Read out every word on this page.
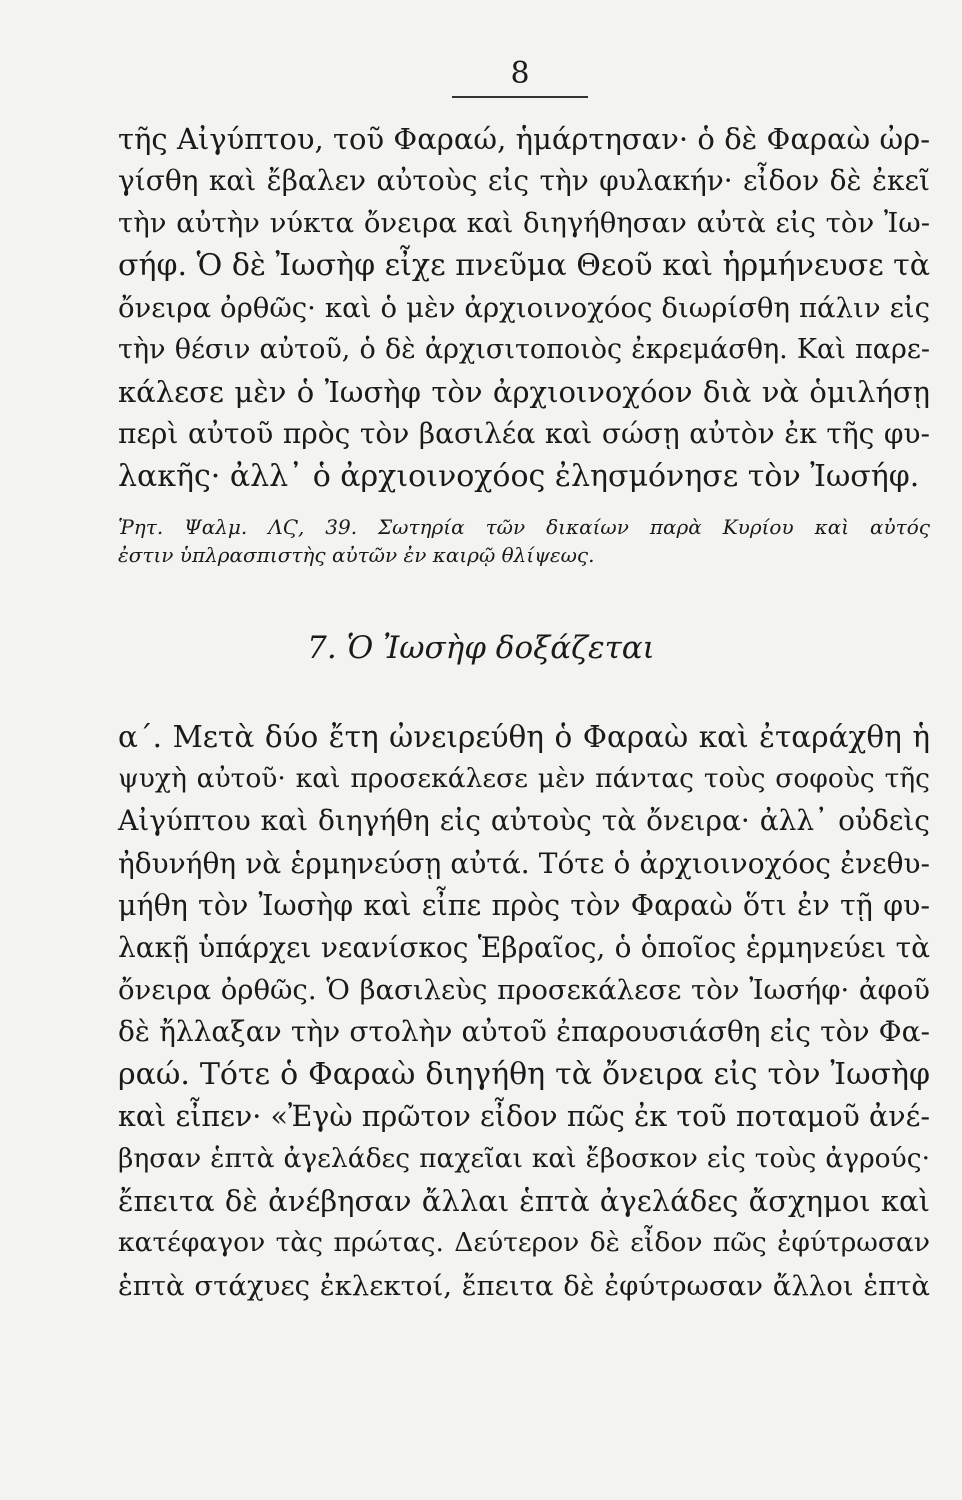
8
τῆς Αἰγύπτου, τοῦ Φαραώ, ἡμάρτησαν· ὁ δὲ Φαραὼ ὠρ-
γίσθη καὶ ἔβαλεν αὐτοὺς εἰς τὴν φυλακήν· εἶδον δὲ ἐκεῖ
τὴν αὐτὴν νύκτα ὄνειρα καὶ διηγήθησαν αὐτὰ εἰς τὸν Ἰω-
σήφ. Ὁ δὲ Ἰωσὴφ εἶχε πνεῦμα Θεοῦ καὶ ἡρμήνευσε τὰ
ὄνειρα ὀρθῶς· καὶ ὁ μὲν ἀρχιοινοχόος διωρίσθη πάλιν εἰς
τὴν θέσιν αὐτοῦ, ὁ δὲ ἀρχισιτοποιὸς ἐκρεμάσθη. Καὶ παρε-
κάλεσε μὲν ὁ Ἰωσὴφ τὸν ἀρχιοινοχόον διὰ νὰ ὁμιλήσῃ
περὶ αὐτοῦ πρὸς τὸν βασιλέα καὶ σώσῃ αὐτὸν ἐκ τῆς φυ-
λακῆς· ἀλλ᾽ ὁ ἀρχιοινοχόος ἐλησμόνησε τὸν Ἰωσήφ.
Ῥητ. Ψαλμ. ΛϚ, 39. Σωτηρία τῶν δικαίων παρὰ Κυρίου καὶ αὐτός
ἐστιν ὑπλρασπιστὴς αὐτῶν ἐν καιρῷ θλίψεως.
7. Ὁ Ἰωσὴφ δοξάζεται
α΄. Μετὰ δύο ἔτη ὠνειρεύθη ὁ Φαραὼ καὶ ἐταράχθη ἡ
ψυχὴ αὐτοῦ· καὶ προσεκάλεσε μὲν πάντας τοὺς σοφοὺς τῆς
Αἰγύπτου καὶ διηγήθη εἰς αὐτοὺς τὰ ὄνειρα· ἀλλ᾽ οὐδεὶς
ἠδυνήθη νὰ ἑρμηνεύσῃ αὐτά. Τότε ὁ ἀρχιοινοχόος ἐνεθυ-
μήθη τὸν Ἰωσὴφ καὶ εἶπε πρὸς τὸν Φαραὼ ὅτι ἐν τῇ φυ-
λακῇ ὑπάρχει νεανίσκος Ἑβραῖος, ὁ ὁποῖος ἑρμηνεύει τὰ
ὄνειρα ὀρθῶς. Ὁ βασιλεὺς προσεκάλεσε τὸν Ἰωσήφ· ἀφοῦ
δὲ ἤλλαξαν τὴν στολὴν αὐτοῦ ἐπαρουσιάσθη εἰς τὸν Φα-
ραώ. Τότε ὁ Φαραὼ διηγήθη τὰ ὄνειρα εἰς τὸν Ἰωσὴφ
καὶ εἶπεν· «Ἐγὼ πρῶτον εἶδον πῶς ἐκ τοῦ ποταμοῦ ἀνέ-
βησαν ἑπτὰ ἀγελάδες παχεῖαι καὶ ἔβοσκον εἰς τοὺς ἀγρούς·
ἔπειτα δὲ ἀνέβησαν ἄλλαι ἑπτὰ ἀγελάδες ἄσχημοι καὶ
κατέφαγον τὰς πρώτας. Δεύτερον δὲ εἶδον πῶς ἐφύτρωσαν
ἑπτὰ στάχυες ἐκλεκτοί, ἔπειτα δὲ ἐφύτρωσαν ἄλλοι ἑπτὰ
